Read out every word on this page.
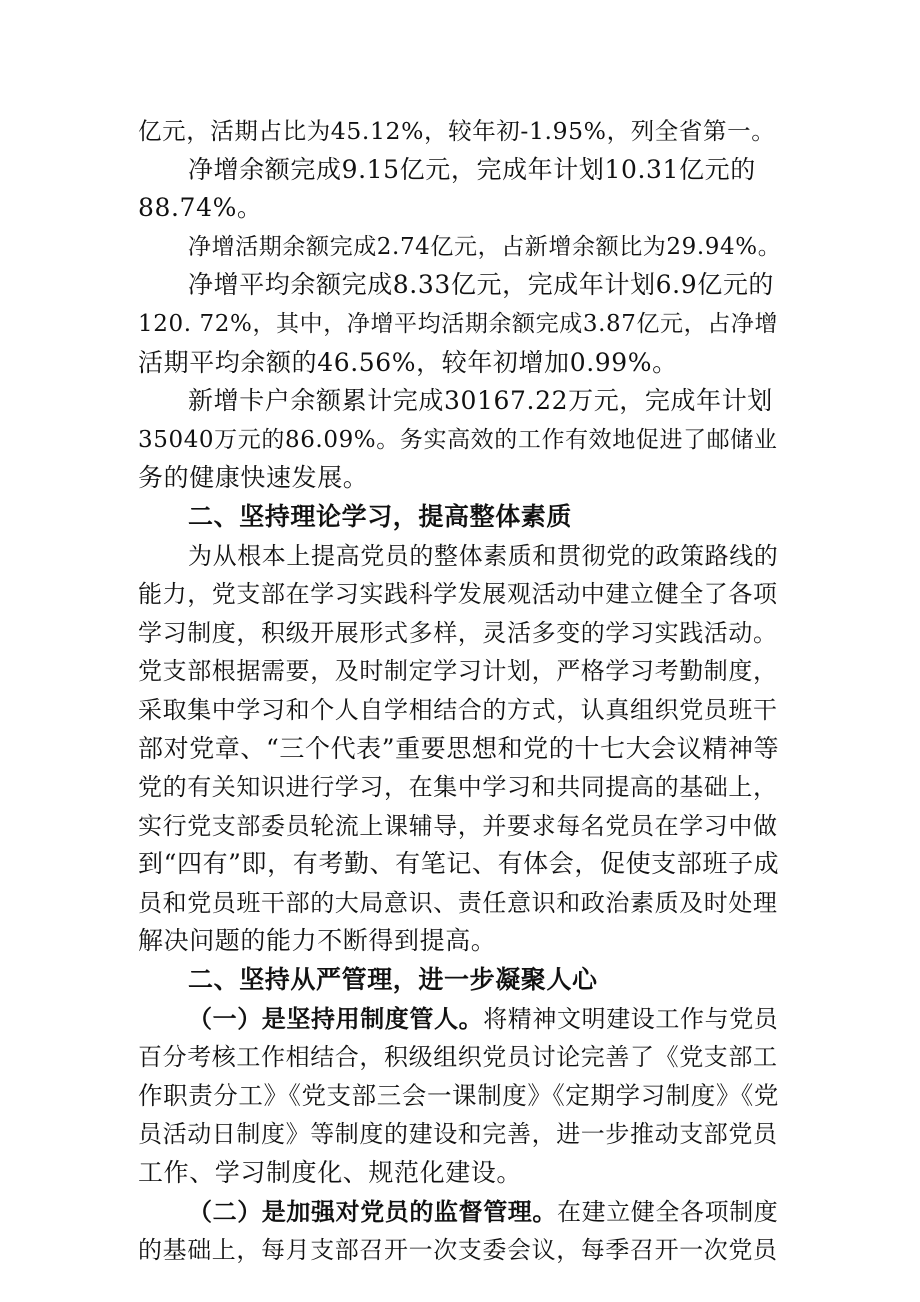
亿元，活期占比为45.12%，较年初-1.95%，列全省第一。
净增余额完成9.15亿元，完成年计划10.31亿元的
88.74%。
净增活期余额完成2.74亿元，占新增余额比为29.94%。
净增平均余额完成8.33亿元，完成年计划6.9亿元的
120. 72%，其中，净增平均活期余额完成3.87亿元，占净增
活期平均余额的46.56%，较年初增加0.99%。
新增卡户余额累计完成30167.22万元，完成年计划
35040万元的86.09%。务实高效的工作有效地促进了邮储业
务的健康快速发展。
二、坚持理论学习，提高整体素质
为从根本上提高党员的整体素质和贯彻党的政策路线的
能力，党支部在学习实践科学发展观活动中建立健全了各项
学习制度，积级开展形式多样，灵活多变的学习实践活动。
党支部根据需要，及时制定学习计划，严格学习考勤制度，
采取集中学习和个人自学相结合的方式，认真组织党员班干
部对党章、“三个代表”重要思想和党的十七大会议精神等
党的有关知识进行学习，在集中学习和共同提高的基础上，
实行党支部委员轮流上课辅导，并要求每名党员在学习中做
到“四有”即，有考勤、有笔记、有体会，促使支部班子成
员和党员班干部的大局意识、责任意识和政治素质及时处理
解决问题的能力不断得到提高。
二、坚持从严管理，进一步凝聚人心
（一）是坚持用制度管人。将精神文明建设工作与党员
百分考核工作相结合，积级组织党员讨论完善了《党支部工
作职责分工》《党支部三会一课制度》《定期学习制度》《党
员活动日制度》等制度的建设和完善，进一步推动支部党员
工作、学习制度化、规范化建设。
（二）是加强对党员的监督管理。在建立健全各项制度
的基础上，每月支部召开一次支委会议，每季召开一次党员
